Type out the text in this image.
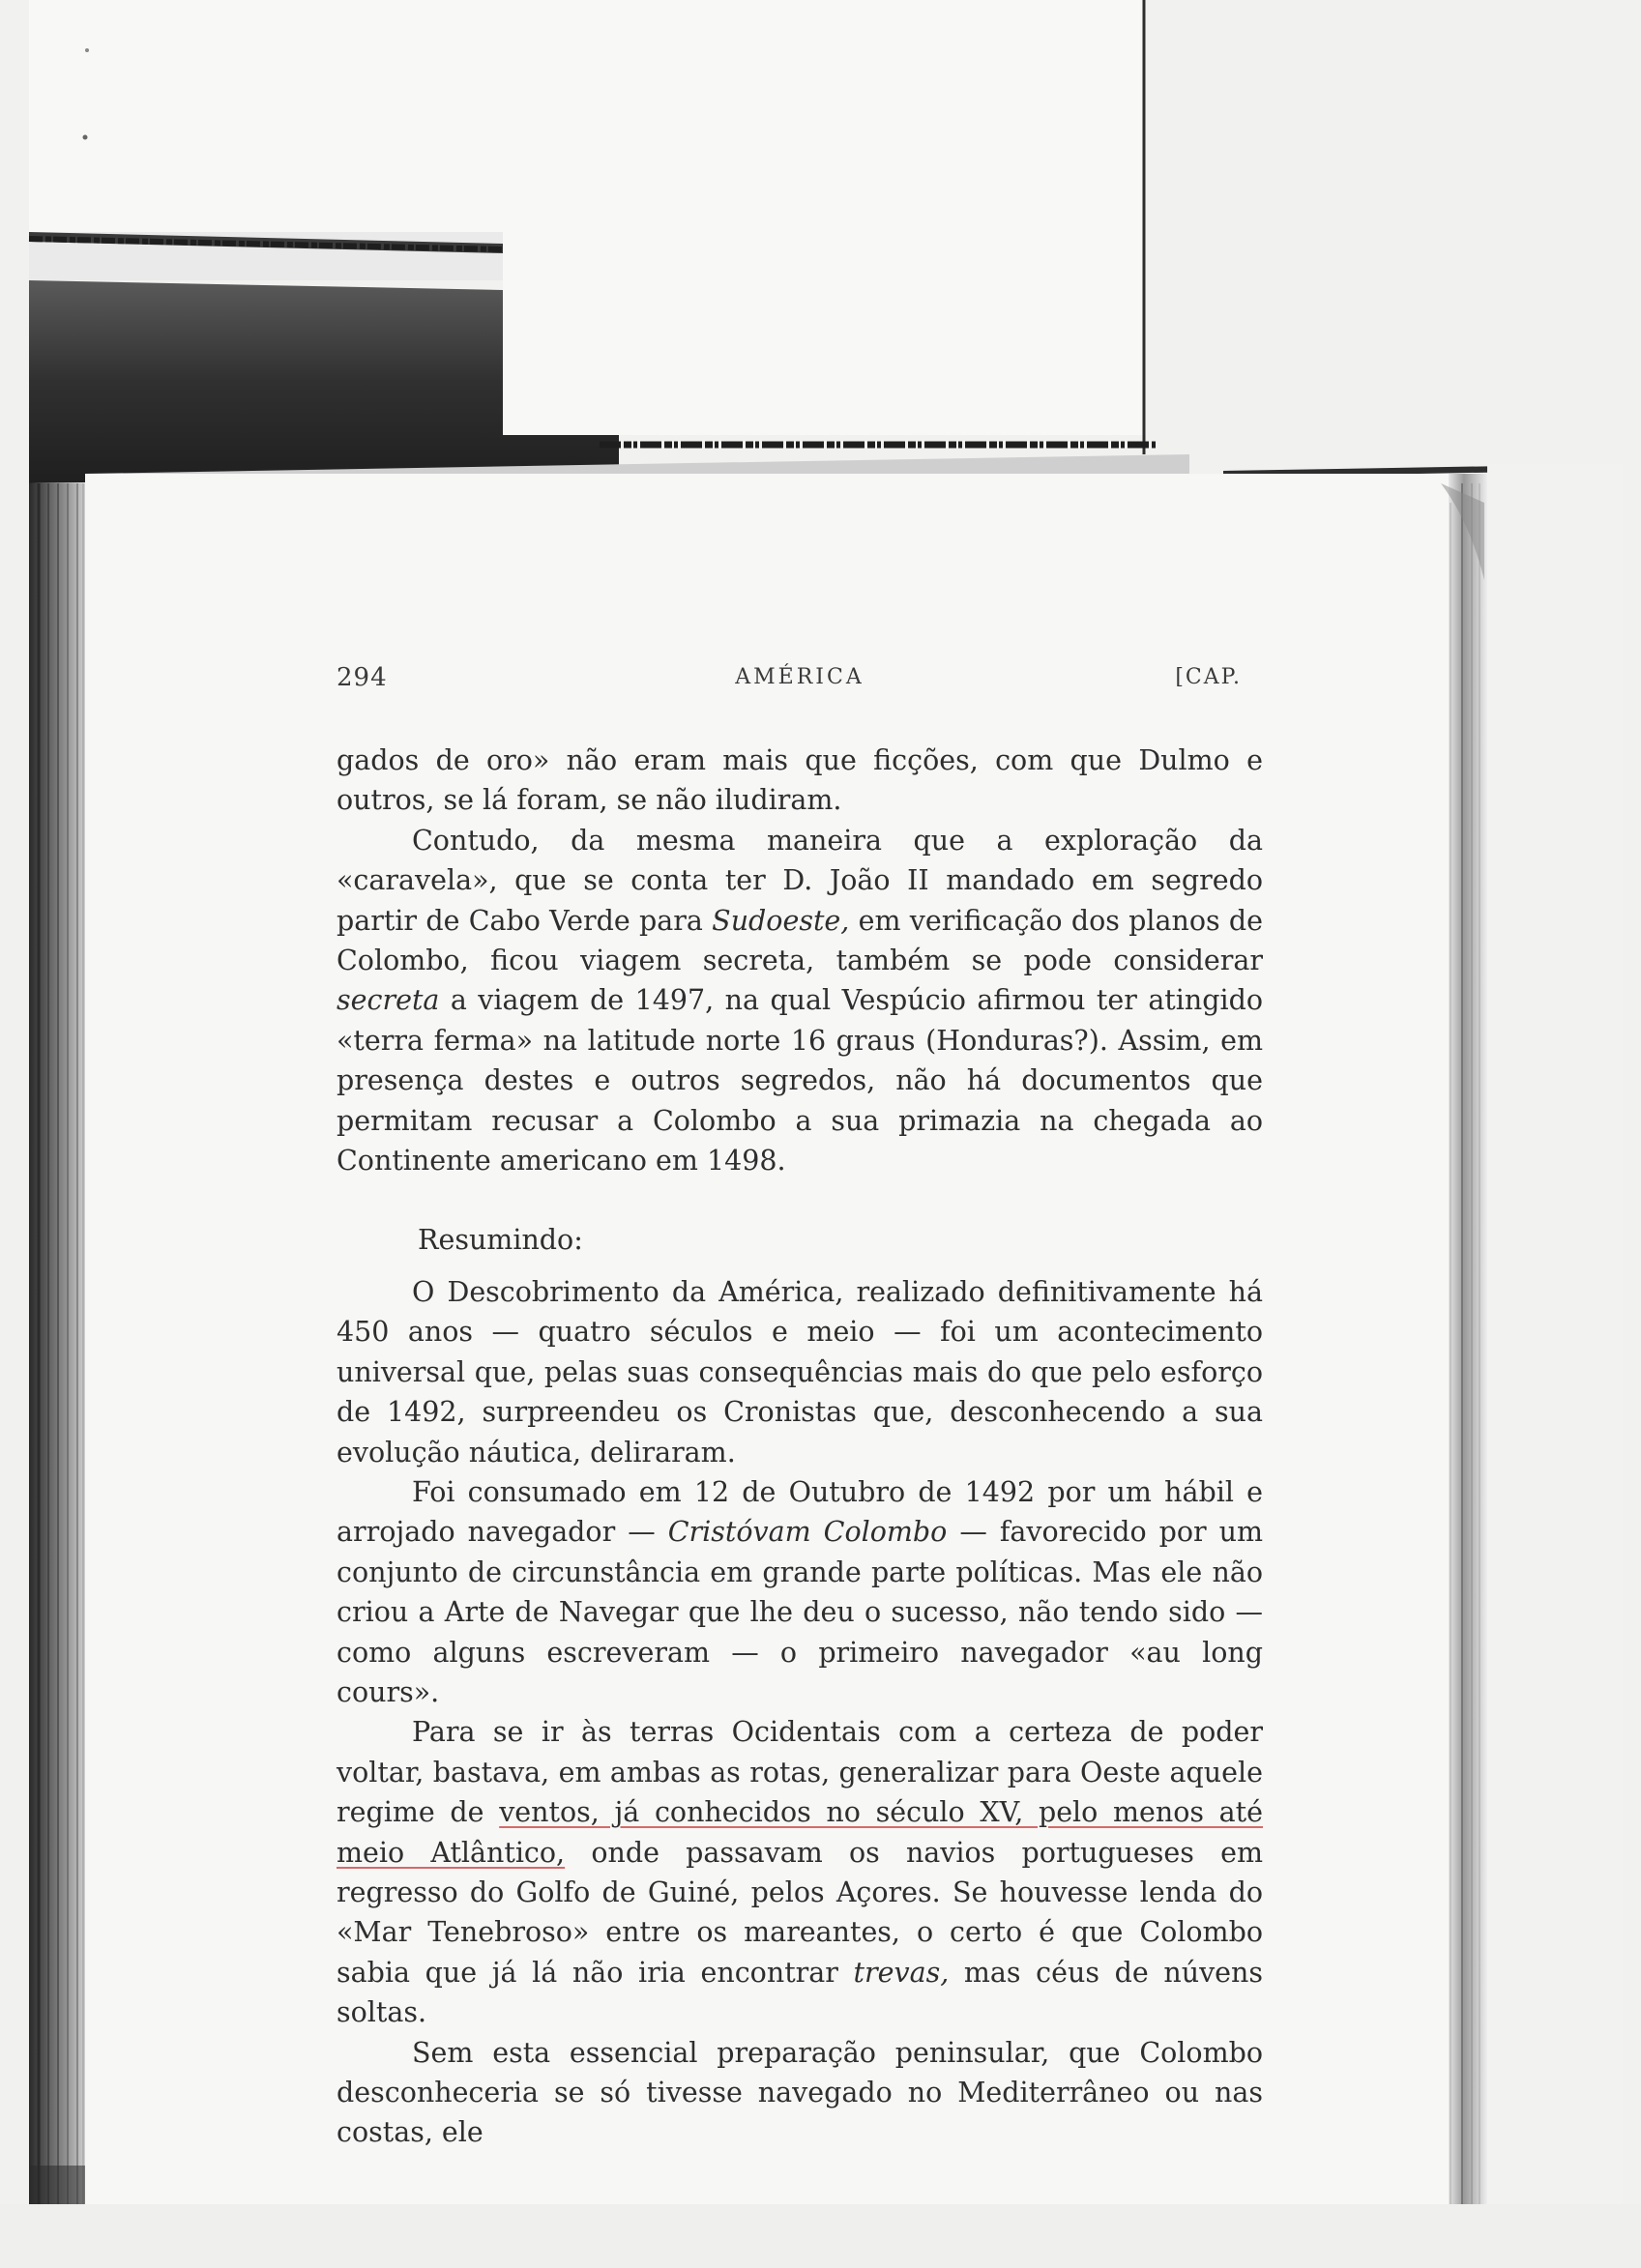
294	AMÉRICA	[CAP.

gados de oro» não eram mais que ficções, com que Dulmo e outros, se lá foram, se não iludiram.

Contudo, da mesma maneira que a exploração da «caravela», que se conta ter D. João II mandado em segredo partir de Cabo Verde para Sudoeste, em verificação dos planos de Colombo, ficou viagem secreta, também se pode considerar secreta a viagem de 1497, na qual Vespúcio afirmou ter atingido «terra ferma» na latitude norte 16 graus (Honduras?). Assim, em presença destes e outros segredos, não há documentos que permitam recusar a Colombo a sua primazia na chegada ao Continente americano em 1498.

Resumindo:

O Descobrimento da América, realizado definitivamente há 450 anos — quatro séculos e meio — foi um acontecimento universal que, pelas suas consequências mais do que pelo esforço de 1492, surpreendeu os Cronistas que, desconhecendo a sua evolução náutica, deliraram.

Foi consumado em 12 de Outubro de 1492 por um hábil e arrojado navegador — Cristóvam Colombo — favorecido por um conjunto de circunstância em grande parte políticas. Mas ele não criou a Arte de Navegar que lhe deu o sucesso, não tendo sido — como alguns escreveram — o primeiro navegador «au long cours».

Para se ir às terras Ocidentais com a certeza de poder voltar, bastava, em ambas as rotas, generalizar para Oeste aquele regime de ventos, já conhecidos no século XV, pelo menos até meio Atlântico, onde passavam os navios portugueses em regresso do Golfo de Guiné, pelos Açores. Se houvesse lenda do «Mar Tenebroso» entre os mareantes, o certo é que Colombo sabia que já lá não iria encontrar trevas, mas céus de núvens soltas.

Sem esta essencial preparação peninsular, que Colombo desconheceria se só tivesse navegado no Mediterrâneo ou nas costas, ele
